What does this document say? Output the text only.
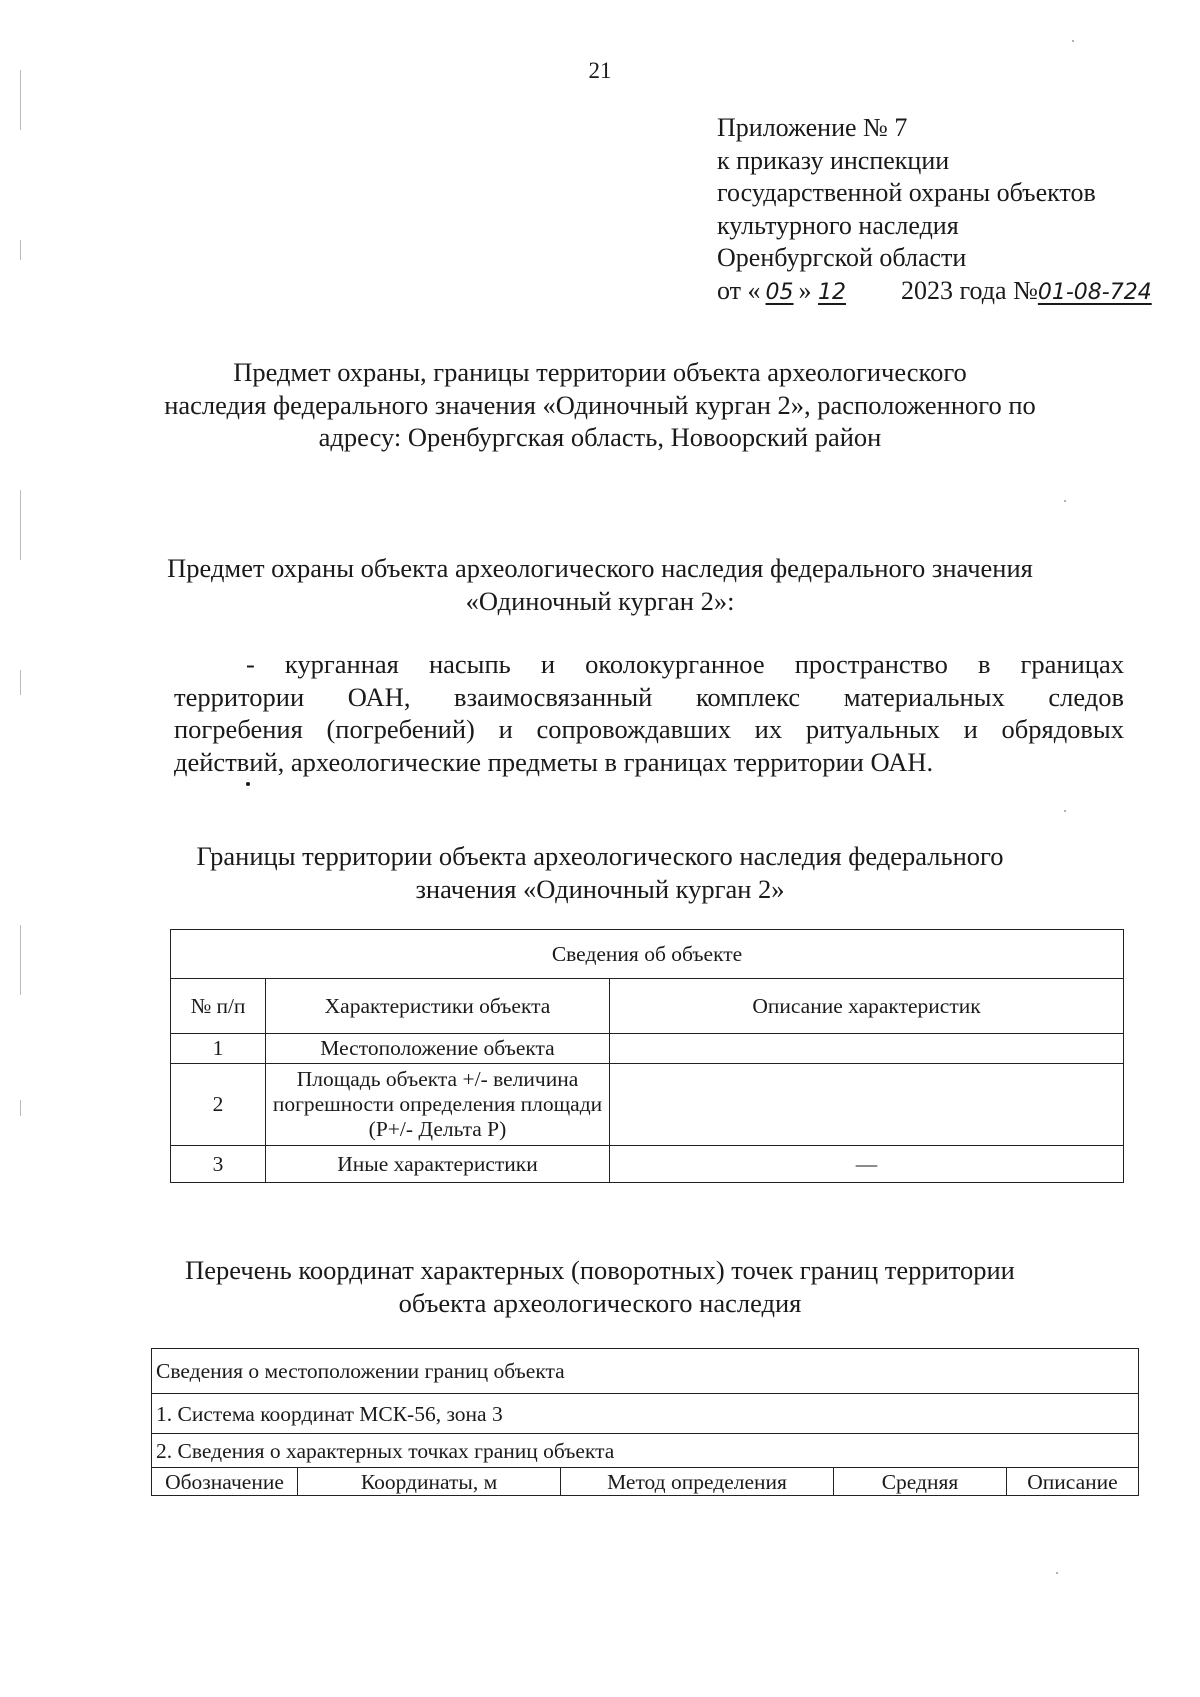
21
Приложение № 7
к приказу инспекции
государственной охраны объектов
культурного наследия
Оренбургской области
от « 05 » 12 2023 года №01-08-724
Предмет охраны, границы территории объекта археологического
наследия федерального значения «Одиночный курган 2», расположенного по
адресу: Оренбургская область, Новоорский район
Предмет охраны объекта археологического наследия федерального значения
«Одиночный курган 2»:
- курганная насыпь и околокурганное пространство в границах
территории ОАН, взаимосвязанный комплекс материальных следов
погребения (погребений) и сопровождавших их ритуальных и обрядовых
действий, археологические предметы в границах территории ОАН.
Границы территории объекта археологического наследия федерального
значения «Одиночный курган 2»
Сведения об объекте		
№ п/п	Характеристики объекта	Описание характеристик
1	Местоположение объекта	
2	Площадь объекта +/- величина погрешности определения площади (P+/- Дельта P)	
3	Иные характеристики	—
Перечень координат характерных (поворотных) точек границ территории
объекта археологического наследия
Сведения о местоположении границ объекта
1. Система координат МСК-56, зона 3
2. Сведения о характерных точках границ объекта
Обозначение	Координаты, м	Метод определения	Средняя	Описание
